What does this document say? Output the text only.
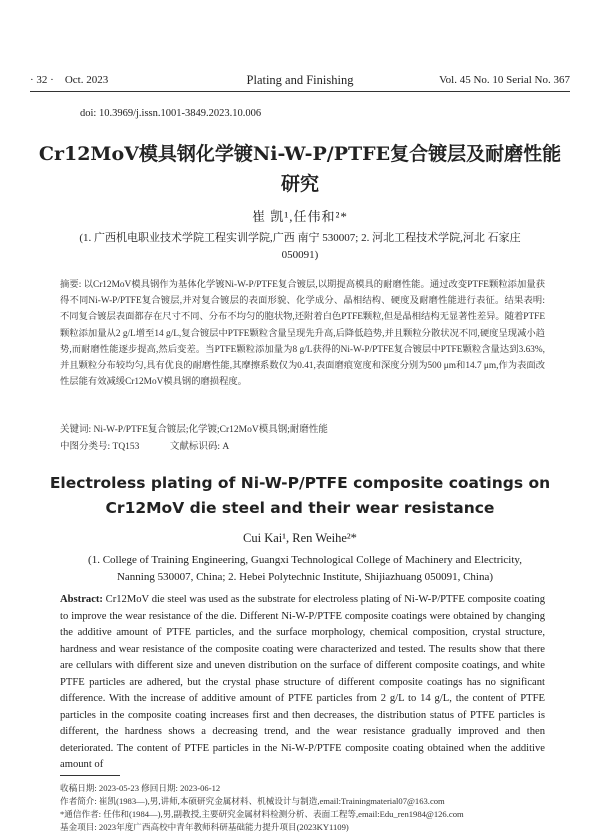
· 32 · Oct. 2023	Plating and Finishing	Vol. 45 No. 10 Serial No. 367
doi: 10.3969/j.issn.1001-3849.2023.10.006
Cr12MoV模具钢化学镀Ni-W-P/PTFE复合镀层及耐磨性能研究
崔 凯¹,任伟和²*
(1. 广西机电职业技术学院工程实训学院,广西 南宁 530007; 2. 河北工程技术学院,河北 石家庄 050091)
摘要: 以Cr12MoV模具钢作为基体化学镀Ni-W-P/PTFE复合镀层,以期提高模具的耐磨性能。通过改变PTFE颗粒添加量获得不同Ni-W-P/PTFE复合镀层,并对复合镀层的表面形貌、化学成分、晶相结构、硬度及耐磨性能进行表征。结果表明:不同复合镀层表面都存在尺寸不同、分布不均匀的胞状物,还附着白色PTFE颗粒,但是晶相结构无显著性差异。随着PTFE颗粒添加量从2 g/L增至14 g/L,复合镀层中PTFE颗粒含量呈现先升高,后降低趋势,并且颗粒分散状况不同,硬度呈现减小趋势,而耐磨性能逐步提高,然后变差。当PTFE颗粒添加量为8 g/L获得的Ni-W-P/PTFE复合镀层中PTFE颗粒含量达到3.63%,并且颗粒分布较均匀,具有优良的耐磨性能,其摩擦系数仅为0.41,表面磨痕宽度和深度分别为500 μm和14.7 μm,作为表面改性层能有效减缓Cr12MoV模具钢的磨损程度。
关键词: Ni-W-P/PTFE复合镀层;化学镀;Cr12MoV模具钢;耐磨性能
中图分类号: TQ153	文献标识码: A
Electroless plating of Ni-W-P/PTFE composite coatings on Cr12MoV die steel and their wear resistance
Cui Kai¹, Ren Weihe²*
(1. College of Training Engineering, Guangxi Technological College of Machinery and Electricity, Nanning 530007, China; 2. Hebei Polytechnic Institute, Shijiazhuang 050091, China)
Abstract: Cr12MoV die steel was used as the substrate for electroless plating of Ni-W-P/PTFE composite coating to improve the wear resistance of the die. Different Ni-W-P/PTFE composite coatings were obtained by changing the additive amount of PTFE particles, and the surface morphology, chemical composition, crystal structure, hardness and wear resistance of the composite coating were characterized and tested. The results show that there are cellulars with different size and uneven distribution on the surface of different composite coatings, and white PTFE particles are adhered, but the crystal phase structure of different composite coatings has no significant difference. With the increase of additive amount of PTFE particles from 2 g/L to 14 g/L, the content of PTFE particles in the composite coating increases first and then decreases, the distribution status of PTFE particles is different, the hardness shows a decreasing trend, and the wear resistance gradually improved and then deteriorated. The content of PTFE particles in the Ni-W-P/PTFE composite coating obtained when the additive amount of
收稿日期: 2023-05-23 修回日期: 2023-06-12
作者简介: 崔凯(1983—),男,讲师,本硕研究金属材料、机械设计与制造,email:Trainingmaterial07@163.com
*通信作者: 任伟和(1984—),男,副教授,主要研究金属材料检测分析、表面工程等,email:Edu_ren1984@126.com
基金项目: 2023年度广西高校中青年教师科研基础能力提升项目(2023KY1109)
